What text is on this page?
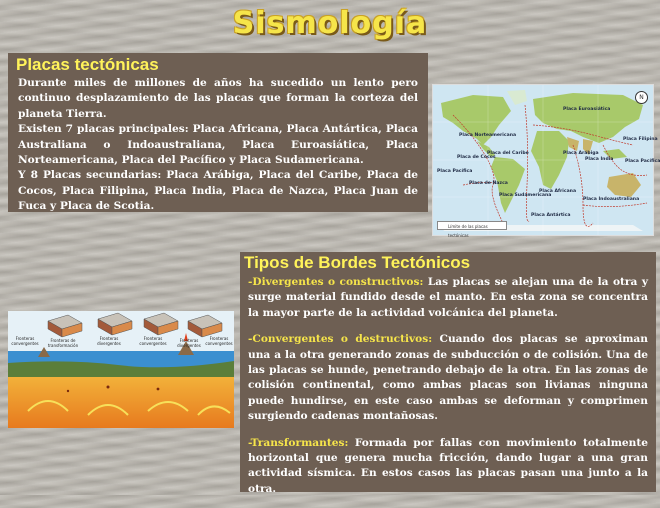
Sismología
Placas tectónicas

Durante miles de millones de años ha sucedido un lento pero continuo desplazamiento de las placas que forman la corteza del planeta Tierra.

Existen 7 placas principales: Placa Africana, Placa Antártica, Placa Australiana o Indoaustraliana, Placa Euroasiática, Placa Norteamericana, Placa del Pacífico y Placa Sudamericana.

Y 8 Placas secundarias: Placa Arábiga, Placa del Caribe, Placa de Cocos, Placa Filipina, Placa India, Placa de Nazca, Placa Juan de Fuca y Placa de Scotia.

N
Placa Euroasiática
Placa Norteamericana
Placa del Caribe
Placa de Cocos
Placa Pacífica
Placa de Nazca
Placa Sudamericana
Placa Africana
Placa Arábiga
Placa India
Placa Filipina
Placa Pacífica
Placa Indoaustraliana
Placa Antártica
Límite de las placas tectónicas
Fronteras convergentes
Fronteras de transformación
Fronteras divergentes
Fronteras convergentes
Fronteras divergentes
Fronteras convergentes
Tipos de Bordes Tectónicos

-Divergentes o constructivos: Las placas se alejan una de la otra y surge material fundido desde el manto. En esta zona se concentra la mayor parte de la actividad volcánica del planeta.

-Convergentes o destructivos: Cuando dos placas se aproximan una a la otra generando zonas de subducción o de colisión. Una de las placas se hunde, penetrando debajo de la otra. En las zonas de colisión continental, como ambas placas son livianas ninguna puede hundirse, en este caso ambas se deforman y comprimen surgiendo cadenas montañosas.

-Transformantes: Formada por fallas con movimiento totalmente horizontal que genera mucha fricción, dando lugar a una gran actividad sísmica. En estos casos las placas pasan una junto a la otra.
